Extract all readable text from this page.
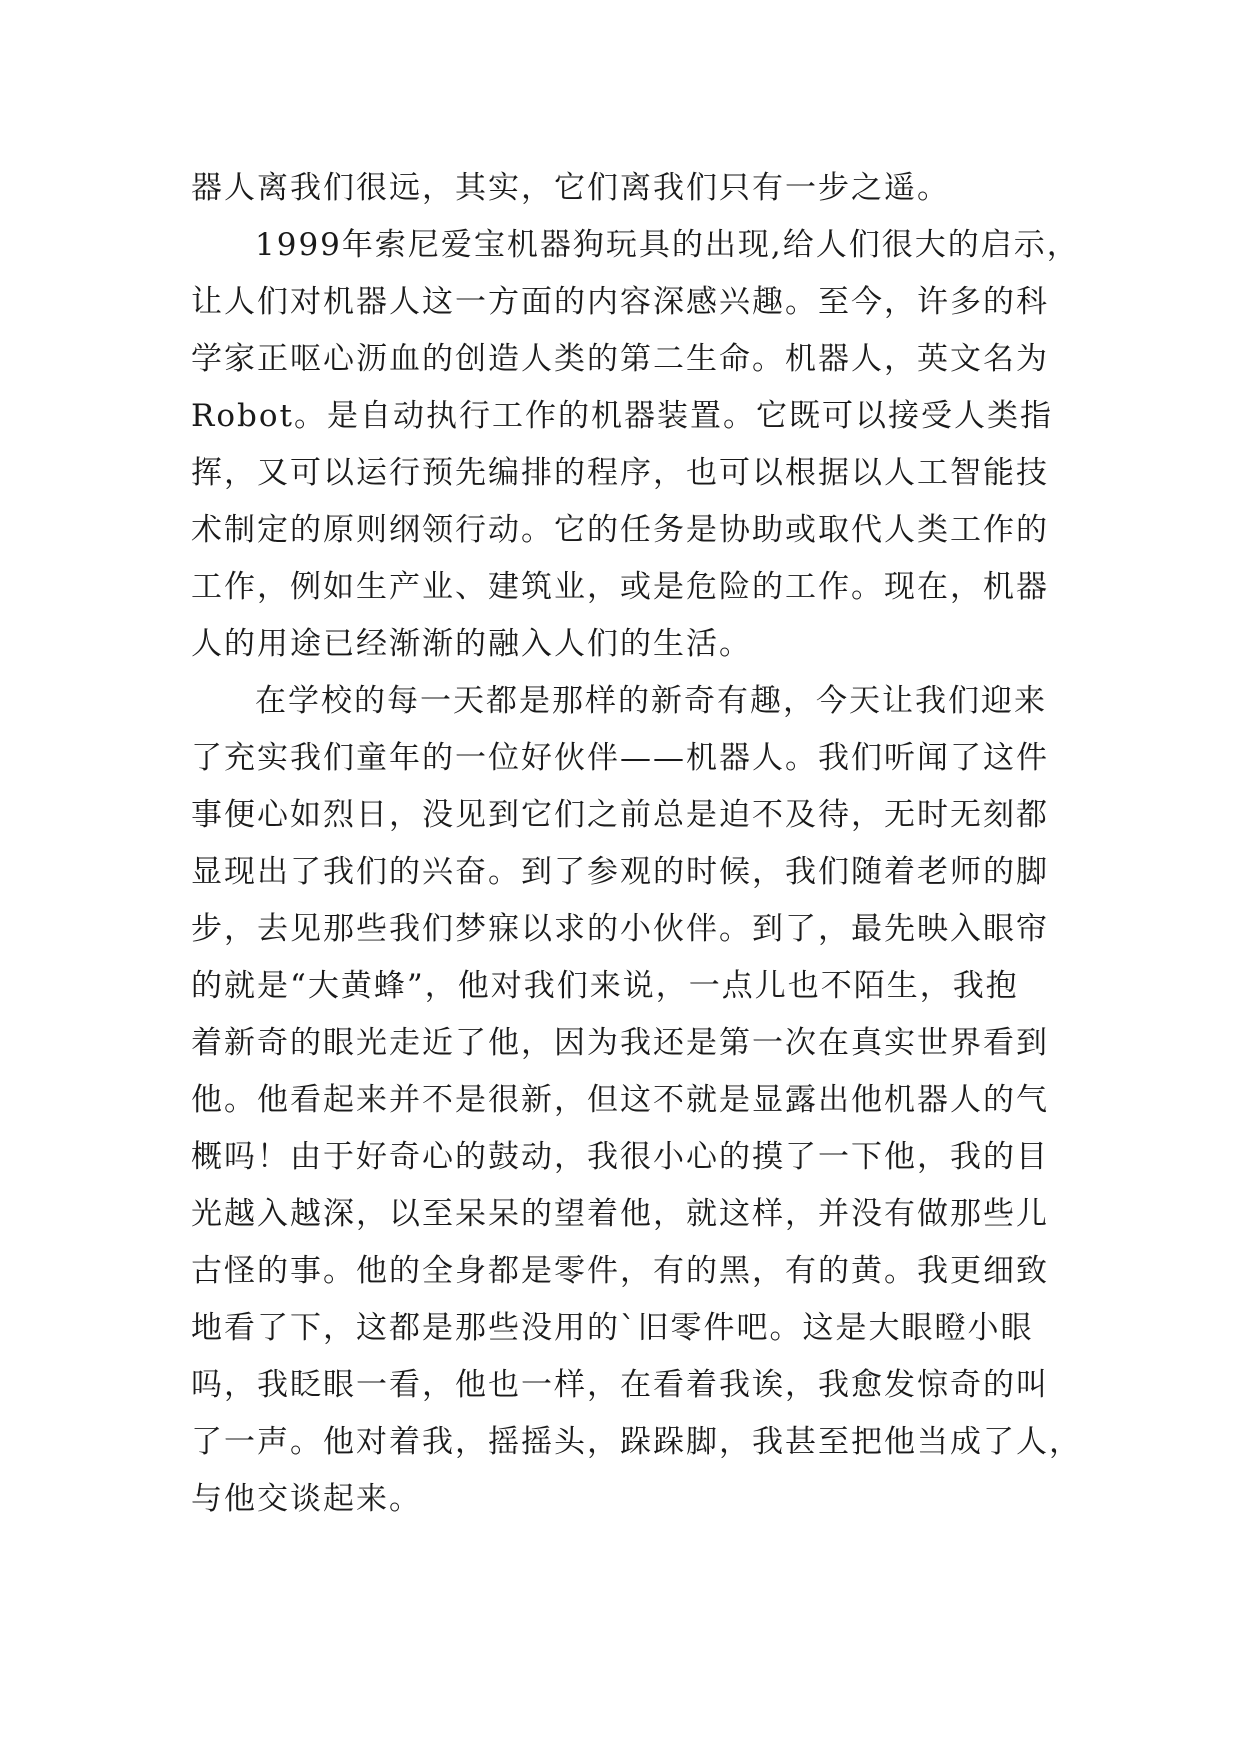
器人离我们很远，其实，它们离我们只有一步之遥。
1999年索尼爱宝机器狗玩具的出现,给人们很大的启示，
让人们对机器人这一方面的内容深感兴趣。至今，许多的科
学家正呕心沥血的创造人类的第二生命。机器人，英文名为
Robot。是自动执行工作的机器装置。它既可以接受人类指
挥，又可以运行预先编排的程序，也可以根据以人工智能技
术制定的原则纲领行动。它的任务是协助或取代人类工作的
工作，例如生产业、建筑业，或是危险的工作。现在，机器
人的用途已经渐渐的融入人们的生活。
在学校的每一天都是那样的新奇有趣，今天让我们迎来
了充实我们童年的一位好伙伴——机器人。我们听闻了这件
事便心如烈日，没见到它们之前总是迫不及待，无时无刻都
显现出了我们的兴奋。到了参观的时候，我们随着老师的脚
步，去见那些我们梦寐以求的小伙伴。到了，最先映入眼帘
的就是“大黄蜂”，他对我们来说，一点儿也不陌生，我抱
着新奇的眼光走近了他，因为我还是第一次在真实世界看到
他。他看起来并不是很新，但这不就是显露出他机器人的气
概吗！由于好奇心的鼓动，我很小心的摸了一下他，我的目
光越入越深，以至呆呆的望着他，就这样，并没有做那些儿
古怪的事。他的全身都是零件，有的黑，有的黄。我更细致
地看了下，这都是那些没用的`旧零件吧。这是大眼瞪小眼
吗，我眨眼一看，他也一样，在看着我诶，我愈发惊奇的叫
了一声。他对着我，摇摇头，跺跺脚，我甚至把他当成了人，
与他交谈起来。
